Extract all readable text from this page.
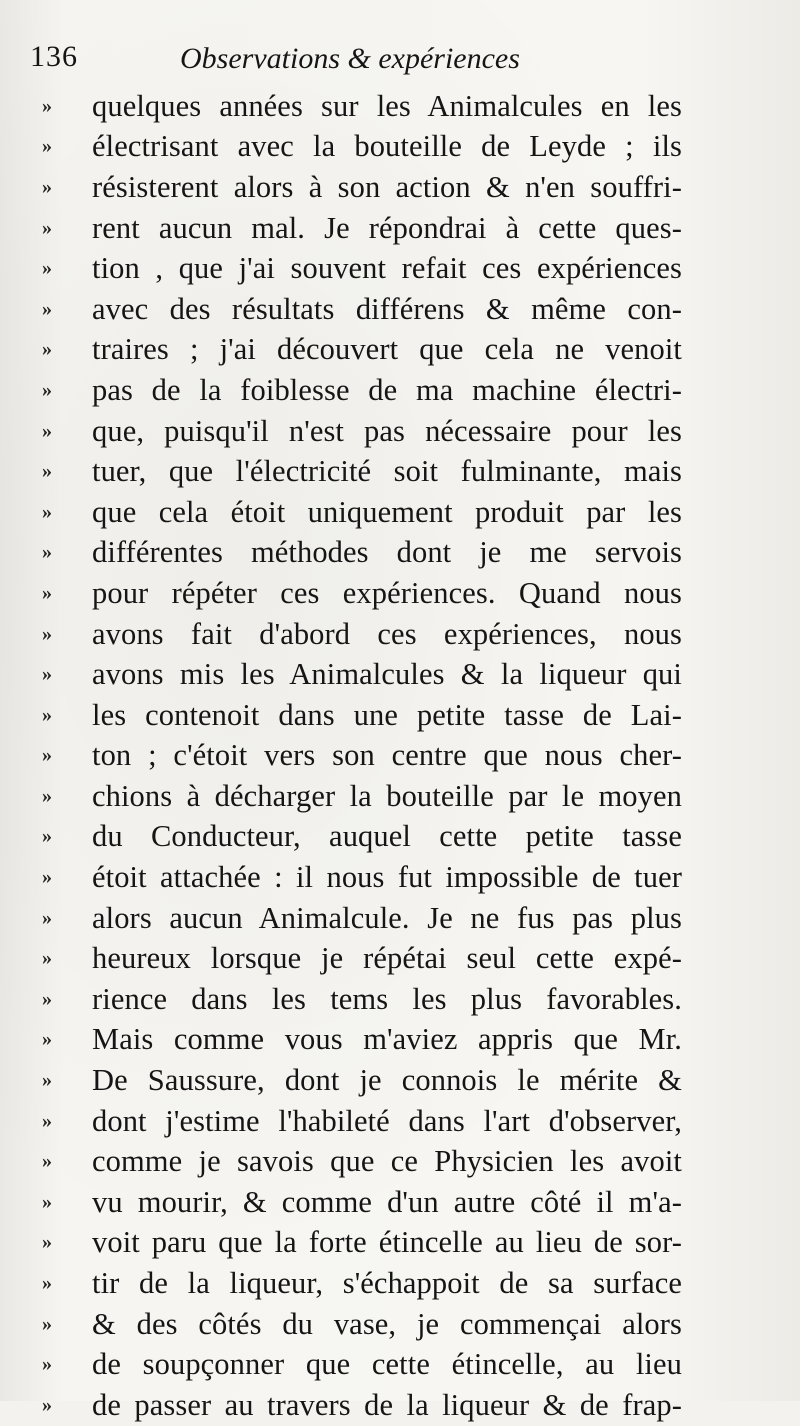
136	Observations & expériences
»	quelques années sur les Animalcules en les
»	électrisant avec la bouteille de Leyde ; ils
»	résisterent alors à son action & n'en souffri-
»	rent aucun mal. Je répondrai à cette ques-
»	tion , que j'ai souvent refait ces expériences
»	avec des résultats différens & même con-
»	traires ; j'ai découvert que cela ne venoit
»	pas de la foiblesse de ma machine électri-
»	que, puisqu'il n'est pas nécessaire pour les
»	tuer, que l'électricité soit fulminante, mais
»	que cela étoit uniquement produit par les
»	différentes méthodes dont je me servois
»	pour répéter ces expériences. Quand nous
»	avons fait d'abord ces expériences, nous
»	avons mis les Animalcules & la liqueur qui
»	les contenoit dans une petite tasse de Lai-
»	ton ; c'étoit vers son centre que nous cher-
»	chions à décharger la bouteille par le moyen
»	du Conducteur, auquel cette petite tasse
»	étoit attachée : il nous fut impossible de tuer
»	alors aucun Animalcule. Je ne fus pas plus
»	heureux lorsque je répétai seul cette expé-
»	rience dans les tems les plus favorables.
»	Mais comme vous m'aviez appris que Mr.
»	De Saussure, dont je connois le mérite &
»	dont j'estime l'habileté dans l'art d'observer,
»	comme je savois que ce Physicien les avoit
»	vu mourir, & comme d'un autre côté il m'a-
»	voit paru que la forte étincelle au lieu de sor-
»	tir de la liqueur, s'échappoit de sa surface
»	& des côtés du vase, je commençai alors
»	de soupçonner que cette étincelle, au lieu
»	de passer au travers de la liqueur & de frap-
